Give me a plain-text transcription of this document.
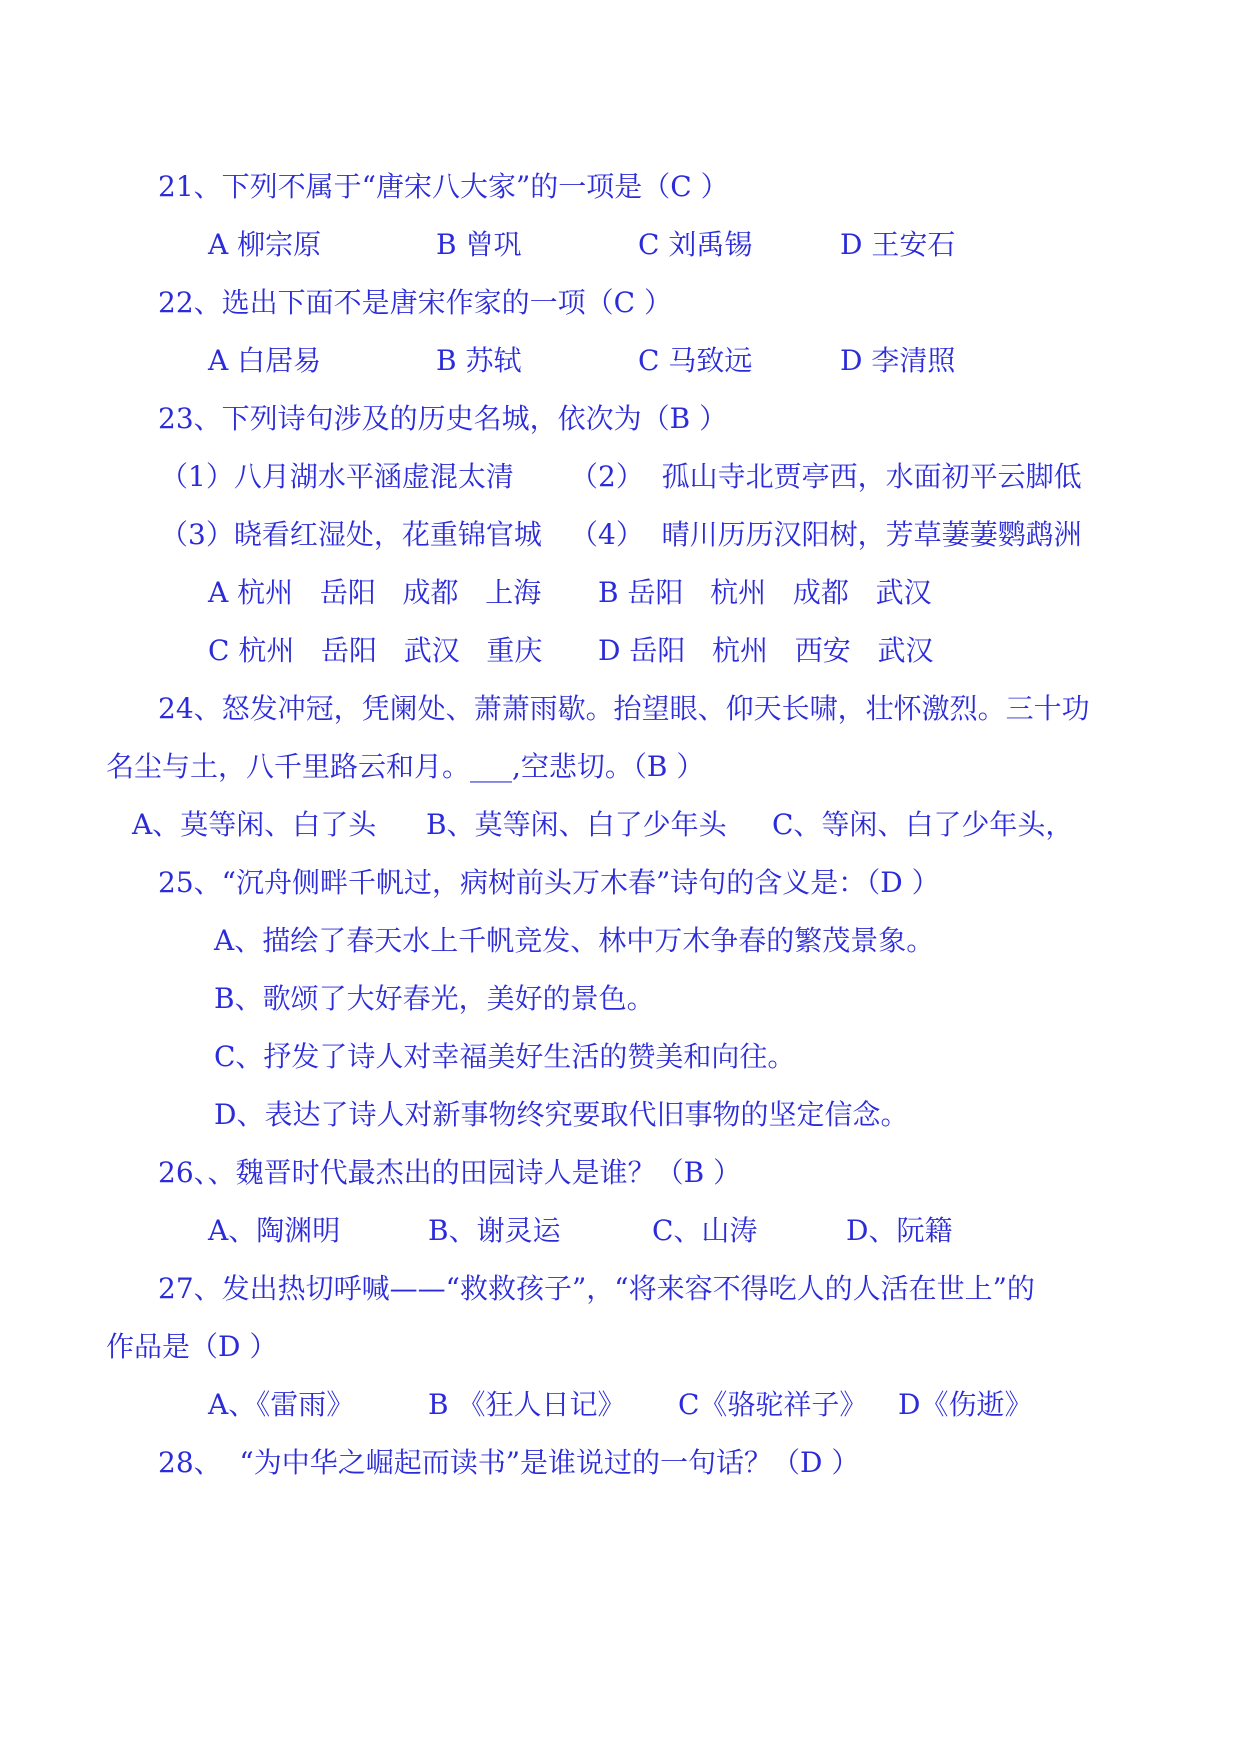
21、下列不属于“唐宋八大家”的一项是（C ）
A 柳宗原	B 曾巩	C 刘禹锡	D 王安石
22、选出下面不是唐宋作家的一项（C ）
A 白居易	B 苏轼	C 马致远	D 李清照
23、下列诗句涉及的历史名城，依次为（B ）
（1）八月湖水平涵虚混太清 （2）  孤山寺北贾亭西，水面初平云脚低
（3）晓看红湿处，花重锦官城 （4）  晴川历历汉阳树，芳草萋萋鹦鹉洲
A 杭州   岳阳   成都   上海 B 岳阳   杭州   成都   武汉
C 杭州   岳阳   武汉   重庆 D 岳阳   杭州   西安   武汉
24、怒发冲冠，凭阑处、萧萧雨歇。抬望眼、仰天长啸，壮怀激烈。三十功
名尘与土，八千里路云和月。___,空悲切。（B ）
A、莫等闲、白了头 B、莫等闲、白了少年头 C、等闲、白了少年头，
25、“沉舟侧畔千帆过，病树前头万木春”诗句的含义是：（D ）
A、描绘了春天水上千帆竞发、林中万木争春的繁茂景象。
B、歌颂了大好春光，美好的景色。
C、抒发了诗人对幸福美好生活的赞美和向往。
D、表达了诗人对新事物终究要取代旧事物的坚定信念。
26、、魏晋时代最杰出的田园诗人是谁？（B ）
A、陶渊明	B、谢灵运	C、山涛	D、阮籍
27、发出热切呼喊——“救救孩子”，“将来容不得吃人的人活在世上”的
作品是（D ）
A、《雷雨》	B 《狂人日记》 C《骆驼祥子》 D《伤逝》
28、  “为中华之崛起而读书”是谁说过的一句话？（D ）
